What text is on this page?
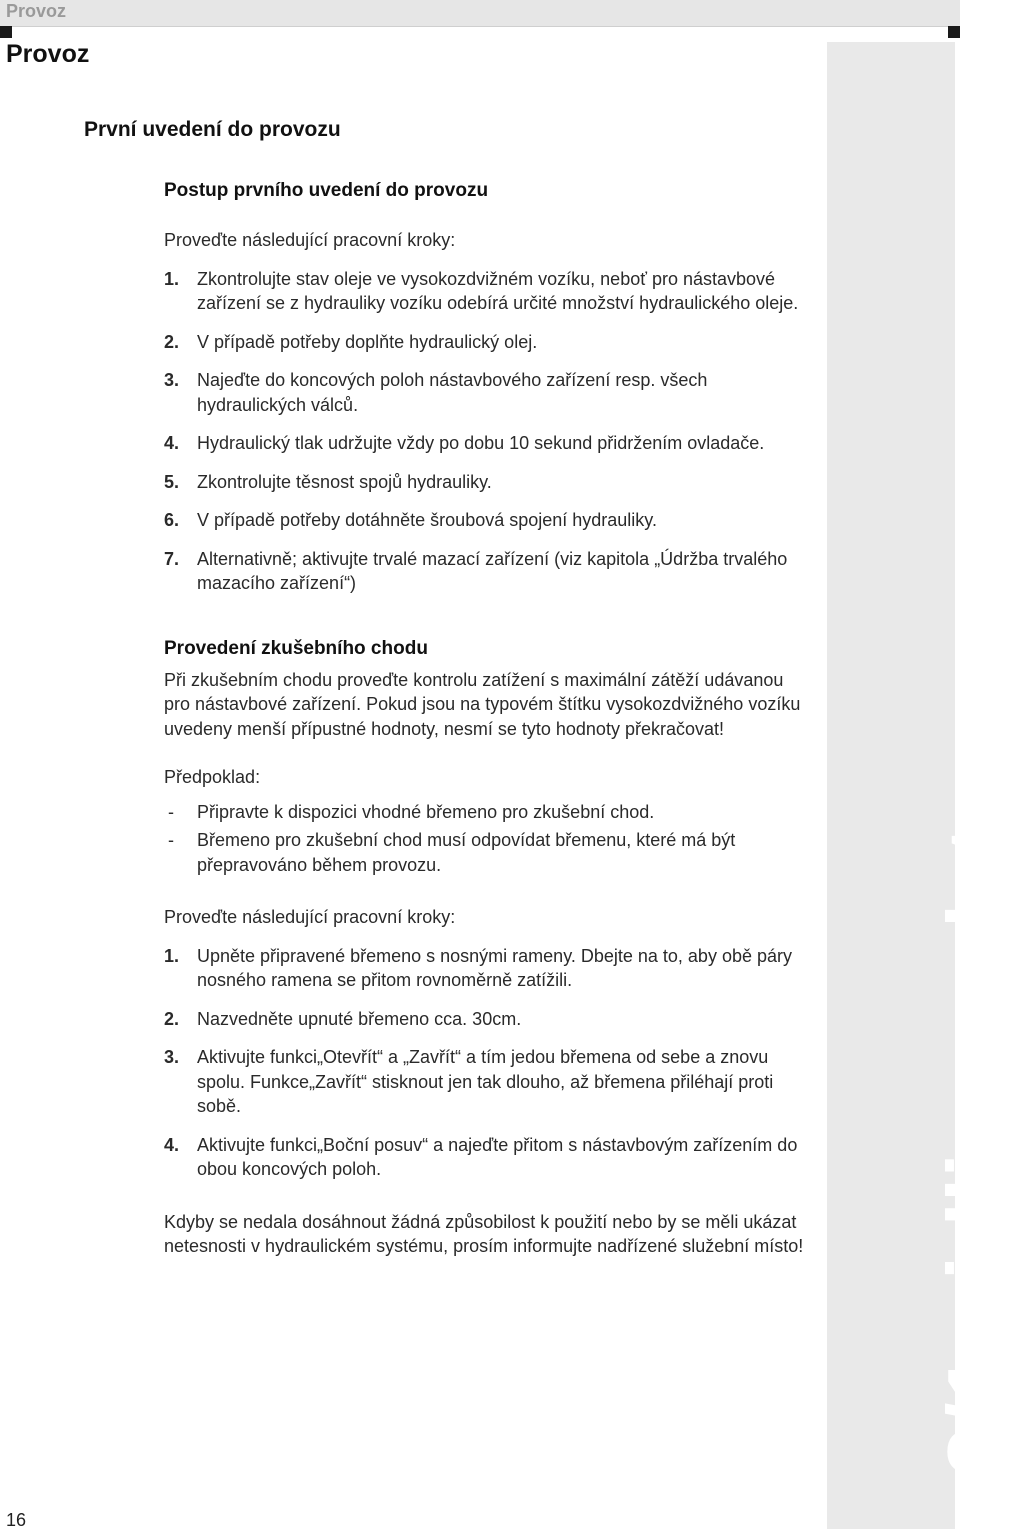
Provoz
Provoz
První uvedení do provozu
Postup prvního uvedení do provozu

Proveďte následující pracovní kroky:

1. Zkontrolujte stav oleje ve vysokozdvižném vozíku, neboť pro nástavbové zařízení se z hydrauliky vozíku odebírá určité množství hydraulického oleje.
2. V případě potřeby doplňte hydraulický olej.
3. Najeďte do koncových poloh nástavbového zařízení resp. všech hydraulických válců.
4. Hydraulický tlak udržujte vždy po dobu 10 sekund přidržením ovladače.
5. Zkontrolujte těsnost spojů hydrauliky.
6. V případě potřeby dotáhněte šroubová spojení hydrauliky.
7. Alternativně; aktivujte trvalé mazací zařízení (viz kapitola „Údržba trvalého mazacího zařízení“)
Provedení zkušebního chodu

Při zkušebním chodu proveďte kontrolu zatížení s maximální zátěží udávanou pro nástavbové zařízení. Pokud jsou na typovém štítku vysokozdvižného vozíku uvedeny menší přípustné hodnoty, nesmí se tyto hodnoty překračovat!

Předpoklad:

- Připravte k dispozici vhodné břemeno pro zkušební chod.
- Břemeno pro zkušební chod musí odpovídat břemenu, které má být přepravováno během provozu.

Proveďte následující pracovní kroky:

1. Upněte připravené břemeno s nosnými rameny. Dbejte na to, aby obě páry nosného ramena se přitom rovnoměrně zatížili.
2. Nazvedněte upnuté břemeno cca. 30cm.
3. Aktivujte funkci„Otevřít“ a „Zavřít“ a tím jedou břemena od sebe a znovu spolu. Funkce„Zavřít“ stisknout jen tak dlouho, až břemena přiléhají proti sobě.
4. Aktivujte funkci„Boční posuv“ a najeďte přitom s nástavbovým zařízením do obou koncových poloh.

Kdyby se nedala dosáhnout žádná způsobilost k použití nebo by se měli ukázat netesnosti v hydraulickém systému, prosím informujte nadřízené služební místo! 2/1 vidlice palety
16
